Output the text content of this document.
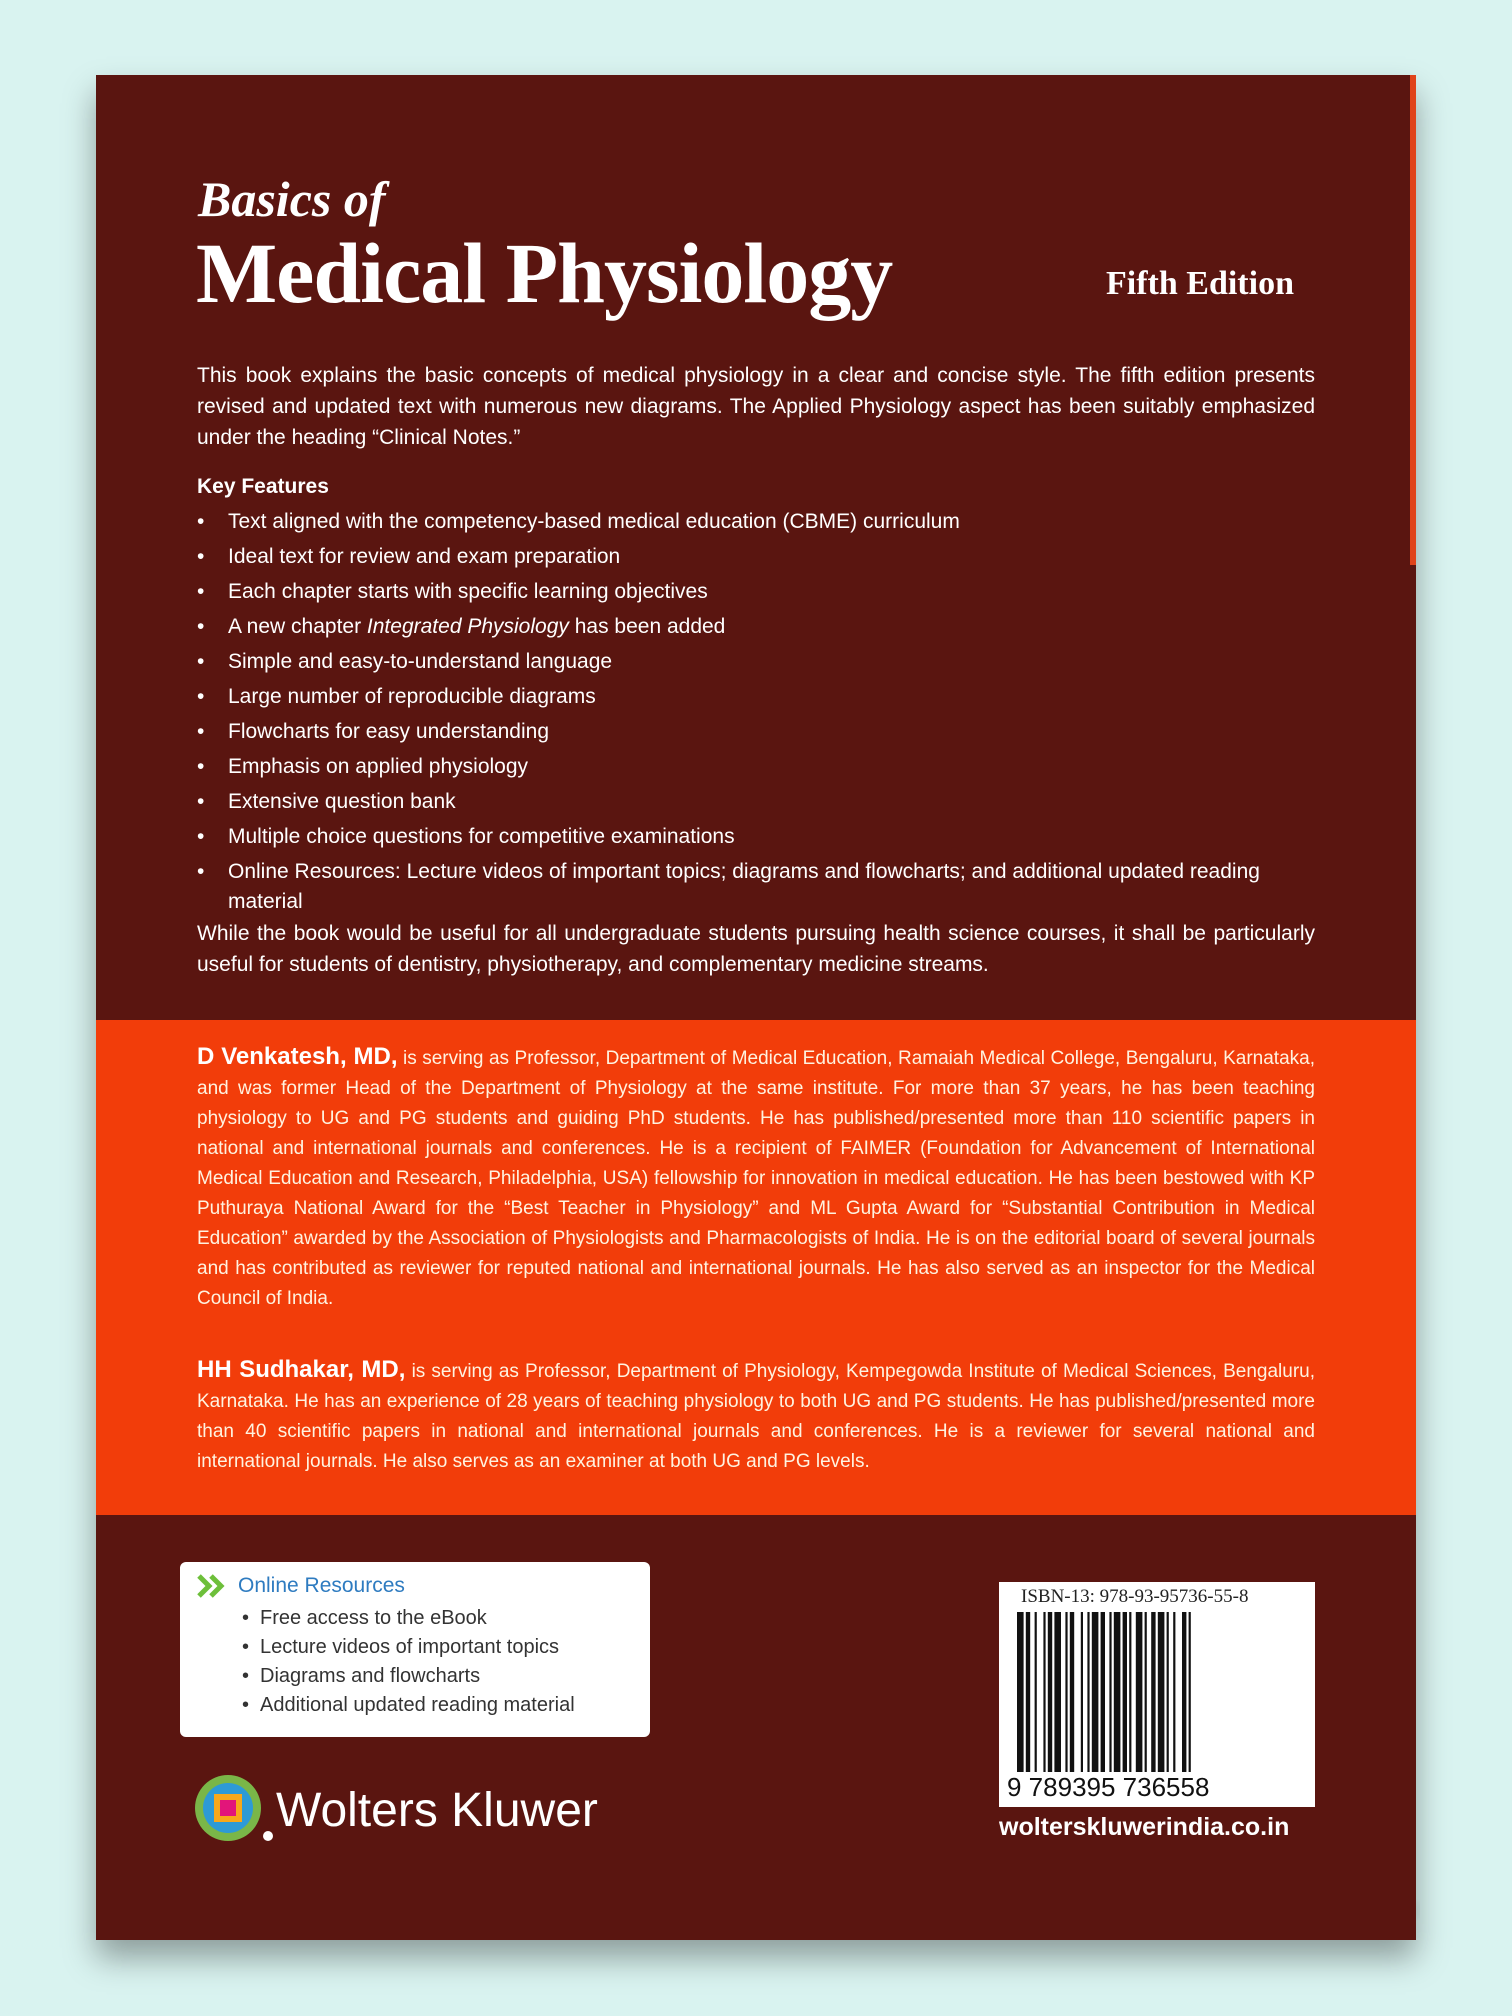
Basics of
Medical Physiology	Fifth Edition
This book explains the basic concepts of medical physiology in a clear and concise style. The fifth edition presents revised and updated text with numerous new diagrams. The Applied Physiology aspect has been suitably emphasized under the heading “Clinical Notes.”
Key Features
• Text aligned with the competency-based medical education (CBME) curriculum
• Ideal text for review and exam preparation
• Each chapter starts with specific learning objectives
• A new chapter Integrated Physiology has been added
• Simple and easy-to-understand language
• Large number of reproducible diagrams
• Flowcharts for easy understanding
• Emphasis on applied physiology
• Extensive question bank
• Multiple choice questions for competitive examinations
• Online Resources: Lecture videos of important topics; diagrams and flowcharts; and additional updated reading material
While the book would be useful for all undergraduate students pursuing health science courses, it shall be particularly useful for students of dentistry, physiotherapy, and complementary medicine streams.
D Venkatesh, MD, is serving as Professor, Department of Medical Education, Ramaiah Medical College, Bengaluru, Karnataka, and was former Head of the Department of Physiology at the same institute. For more than 37 years, he has been teaching physiology to UG and PG students and guiding PhD students. He has published/presented more than 110 scientific papers in national and international journals and conferences. He is a recipient of FAIMER (Foundation for Advancement of International Medical Education and Research, Philadelphia, USA) fellowship for innovation in medical education. He has been bestowed with KP Puthuraya National Award for the “Best Teacher in Physiology” and ML Gupta Award for “Substantial Contribution in Medical Education” awarded by the Association of Physiologists and Pharmacologists of India. He is on the editorial board of several journals and has contributed as reviewer for reputed national and international journals. He has also served as an inspector for the Medical Council of India.
HH Sudhakar, MD, is serving as Professor, Department of Physiology, Kempegowda Institute of Medical Sciences, Bengaluru, Karnataka. He has an experience of 28 years of teaching physiology to both UG and PG students. He has published/presented more than 40 scientific papers in national and international journals and conferences. He is a reviewer for several national and international journals. He also serves as an examiner at both UG and PG levels.
Online Resources
• Free access to the eBook
• Lecture videos of important topics
• Diagrams and flowcharts
• Additional updated reading material
Wolters Kluwer
ISBN-13: 978-93-95736-55-8
9 789395 736558
wolterskluwerindia.co.in
